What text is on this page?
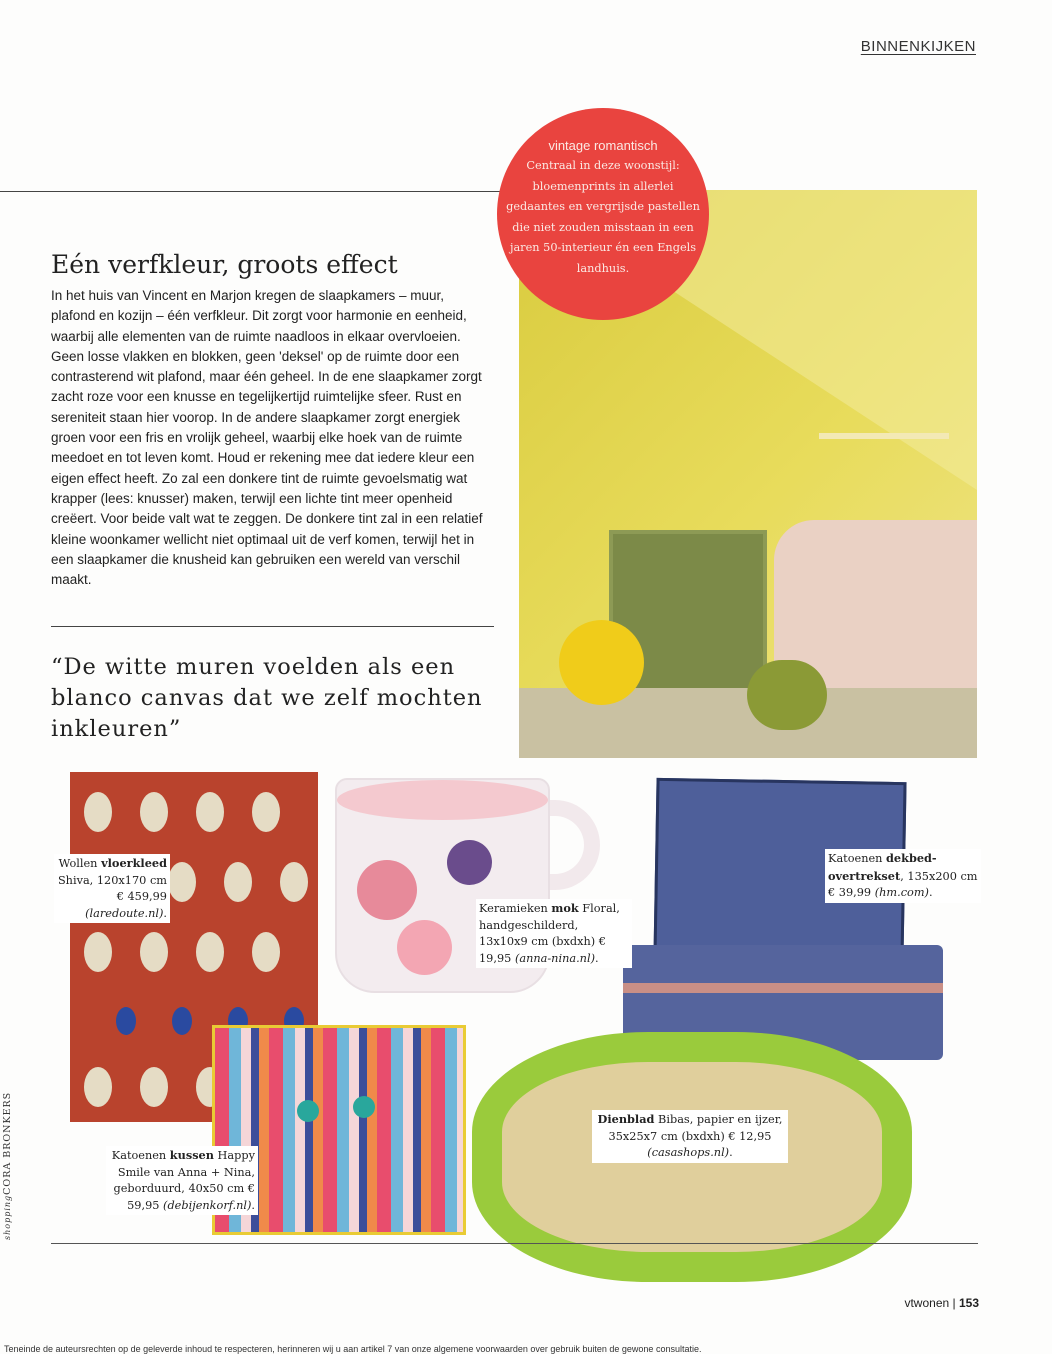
BINNENKIJKEN
vintage romantisch
Centraal in deze woonstijl: bloemenprints in allerlei gedaantes en vergrijsde pastellen die niet zouden misstaan in een jaren 50-interieur én een Engels landhuis.
Eén verfkleur, groots effect

In het huis van Vincent en Marjon kregen de slaapkamers – muur, plafond en kozijn – één verfkleur. Dit zorgt voor harmonie en eenheid, waarbij alle elementen van de ruimte naadloos in elkaar overvloeien. Geen losse vlakken en blokken, geen 'deksel' op de ruimte door een contrasterend wit plafond, maar één geheel. In de ene slaapkamer zorgt zacht roze voor een knusse en tegelijkertijd ruimtelijke sfeer. Rust en sereniteit staan hier voorop. In de andere slaapkamer zorgt energiek groen voor een fris en vrolijk geheel, waarbij elke hoek van de ruimte meedoet en tot leven komt. Houd er rekening mee dat iedere kleur een eigen effect heeft. Zo zal een donkere tint de ruimte gevoelsmatig wat krapper (lees: knusser) maken, terwijl een lichte tint meer openheid creëert. Voor beide valt wat te zeggen. De donkere tint zal in een relatief kleine woonkamer wellicht niet optimaal uit de verf komen, terwijl het in een slaapkamer die knusheid kan gebruiken een wereld van verschil maakt.

“De witte muren voelden als een blanco canvas dat we zelf mochten inkleuren”

Wollen vloerkleed Shiva, 120x170 cm € 459,99 (laredoute.nl).	Keramieken mok Floral, handgeschilderd, 13x10x9 cm (bxdxh) € 19,95 (anna-nina.nl).
Katoenen dekbed-overtrekset, 135x200 cm € 39,99 (hm.com).
Katoenen kussen Happy Smile van Anna + Nina, geborduurd, 40x50 cm € 59,95 (debijenkorf.nl).
Dienblad Bibas, papier en ijzer, 35x25x7 cm (bxdxh) € 12,95 (casashops.nl).
shoppingCORA BRONKERS
vtwonen | 153
Teneinde de auteursrechten op de geleverde inhoud te respecteren, herinneren wij u aan artikel 7 van onze algemene voorwaarden over gebruik buiten de gewone consultatie.
